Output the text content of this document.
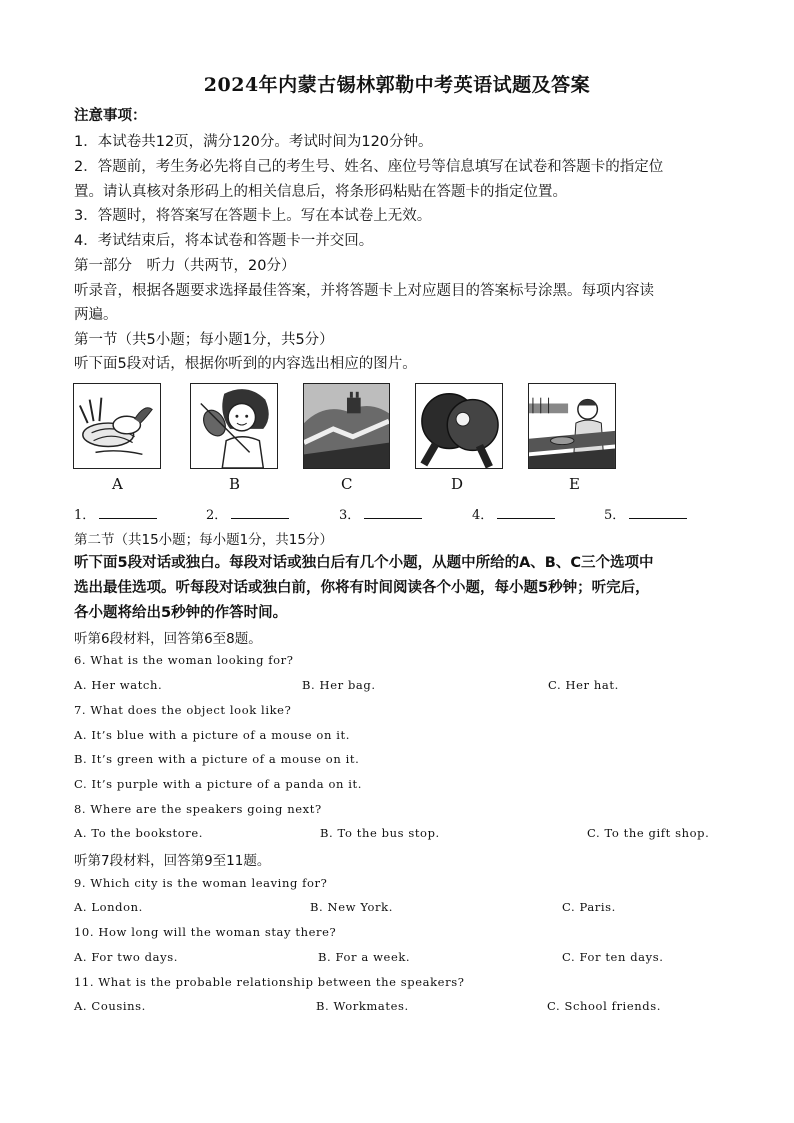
2024年内蒙古锡林郭勒中考英语试题及答案
注意事项：
1．本试卷共12页，满分120分。考试时间为120分钟。
2．答题前，考生务必先将自己的考生号、姓名、座位号等信息填写在试卷和答题卡的指定位
置。请认真核对条形码上的相关信息后，将条形码粘贴在答题卡的指定位置。
3．答题时，将答案写在答题卡上。写在本试卷上无效。
4．考试结束后，将本试卷和答题卡一并交回。
第一部分　听力（共两节，20分）
听录音，根据各题要求选择最佳答案，并将答题卡上对应题目的答案标号涂黑。每项内容读
两遍。
第一节（共5小题；每小题1分，共5分）
听下面5段对话，根据你听到的内容选出相应的图片。
A	B	C	D	E
1．	2．	3．	4．	5．
第二节（共15小题；每小题1分，共15分）
听下面5段对话或独白。每段对话或独白后有几个小题，从题中所给的A、B、C三个选项中
选出最佳选项。听每段对话或独白前，你将有时间阅读各个小题，每小题5秒钟；听完后，
各小题将给出5秒钟的作答时间。
听第6段材料，回答第6至8题。
6. What is the woman looking for?
A. Her watch.	B. Her bag.	C. Her hat.
7. What does the object look like?
A. It’s blue with a picture of a mouse on it.
B. It’s green with a picture of a mouse on it.
C. It’s purple with a picture of a panda on it.
8. Where are the speakers going next?
A. To the bookstore.	B. To the bus stop.	C. To the gift shop.
听第7段材料，回答第9至11题。
9. Which city is the woman leaving for?
A. London.	B. New York.	C. Paris.
10. How long will the woman stay there?
A. For two days.	B. For a week.	C. For ten days.
11. What is the probable relationship between the speakers?
A. Cousins.	B. Workmates.	C. School friends.
